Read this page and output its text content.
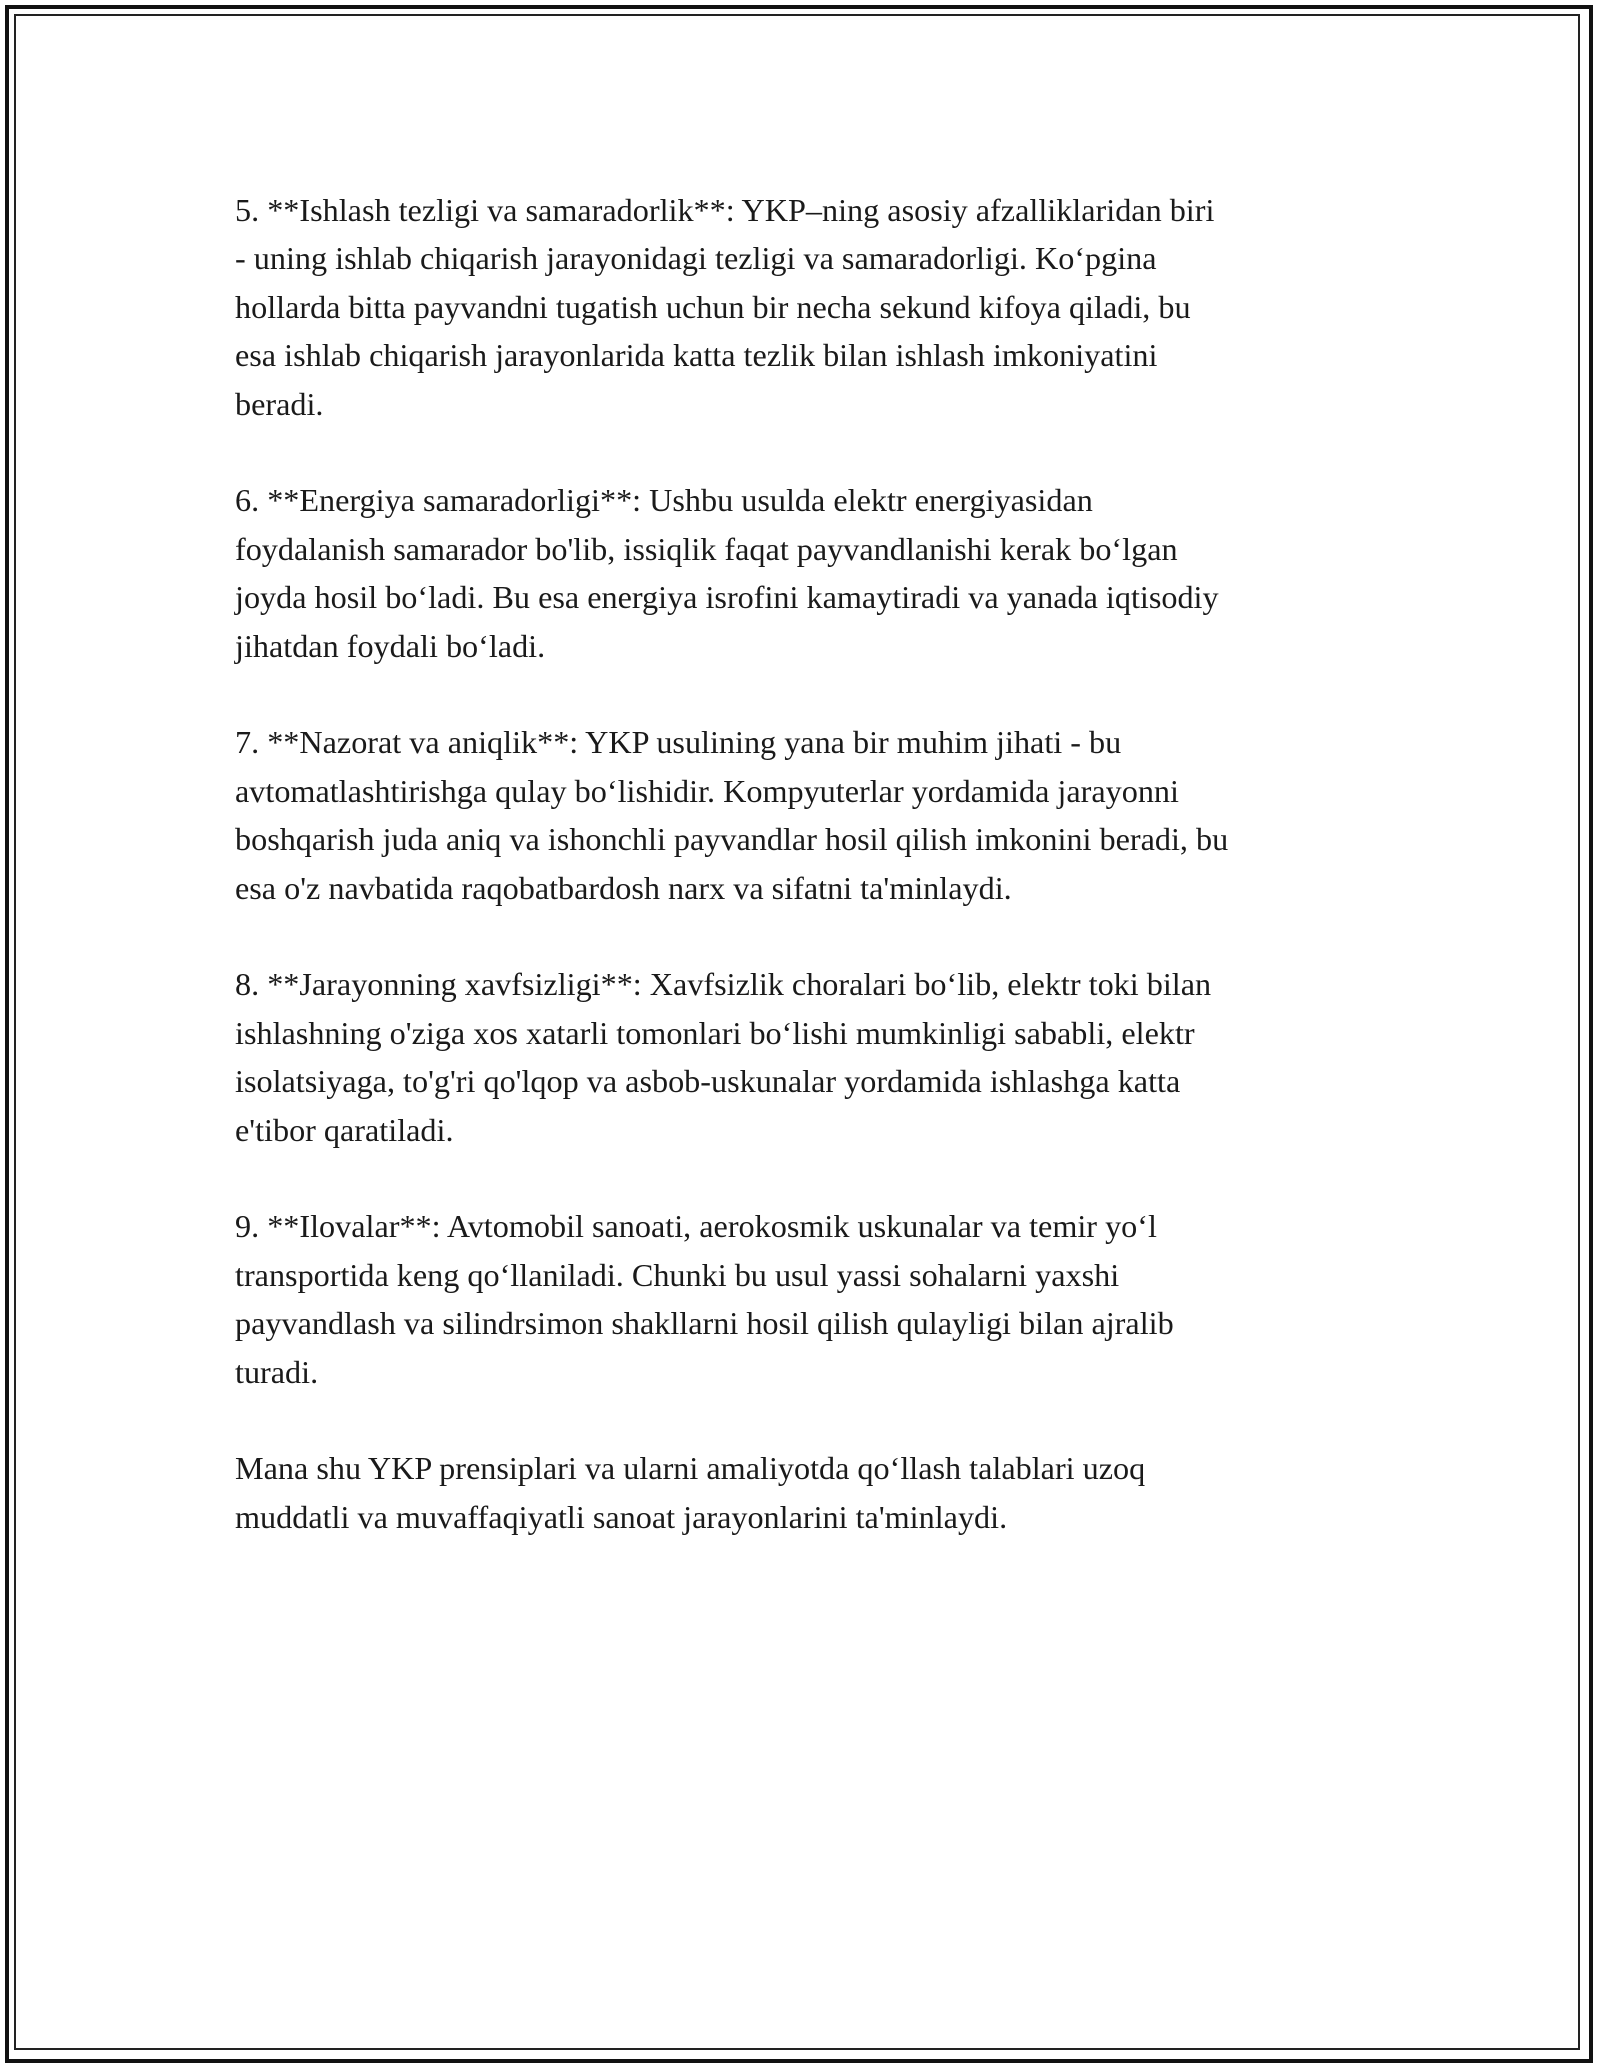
5. **Ishlash tezligi va samaradorlik**: YKP–ning asosiy afzalliklaridan biri
- uning ishlab chiqarish jarayonidagi tezligi va samaradorligi. Koʻpgina
hollarda bitta payvandni tugatish uchun bir necha sekund kifoya qiladi, bu
esa ishlab chiqarish jarayonlarida katta tezlik bilan ishlash imkoniyatini
beradi.

6. **Energiya samaradorligi**: Ushbu usulda elektr energiyasidan
foydalanish samarador bo'lib, issiqlik faqat payvandlanishi kerak boʻlgan
joyda hosil boʻladi. Bu esa energiya isrofini kamaytiradi va yanada iqtisodiy
jihatdan foydali boʻladi.

7. **Nazorat va aniqlik**: YKP usulining yana bir muhim jihati - bu
avtomatlashtirishga qulay boʻlishidir. Kompyuterlar yordamida jarayonni
boshqarish juda aniq va ishonchli payvandlar hosil qilish imkonini beradi, bu
esa o'z navbatida raqobatbardosh narx va sifatni ta'minlaydi.

8. **Jarayonning xavfsizligi**: Xavfsizlik choralari boʻlib, elektr toki bilan
ishlashning o'ziga xos xatarli tomonlari boʻlishi mumkinligi sababli, elektr
isolatsiyaga, to'g'ri qo'lqop va asbob-uskunalar yordamida ishlashga katta
e'tibor qaratiladi.

9. **Ilovalar**: Avtomobil sanoati, aerokosmik uskunalar va temir yoʻl
transportida keng qoʻllaniladi. Chunki bu usul yassi sohalarni yaxshi
payvandlash va silindrsimon shakllarni hosil qilish qulayligi bilan ajralib
turadi.

Mana shu YKP prensiplari va ularni amaliyotda qoʻllash talablari uzoq
muddatli va muvaffaqiyatli sanoat jarayonlarini ta'minlaydi.
